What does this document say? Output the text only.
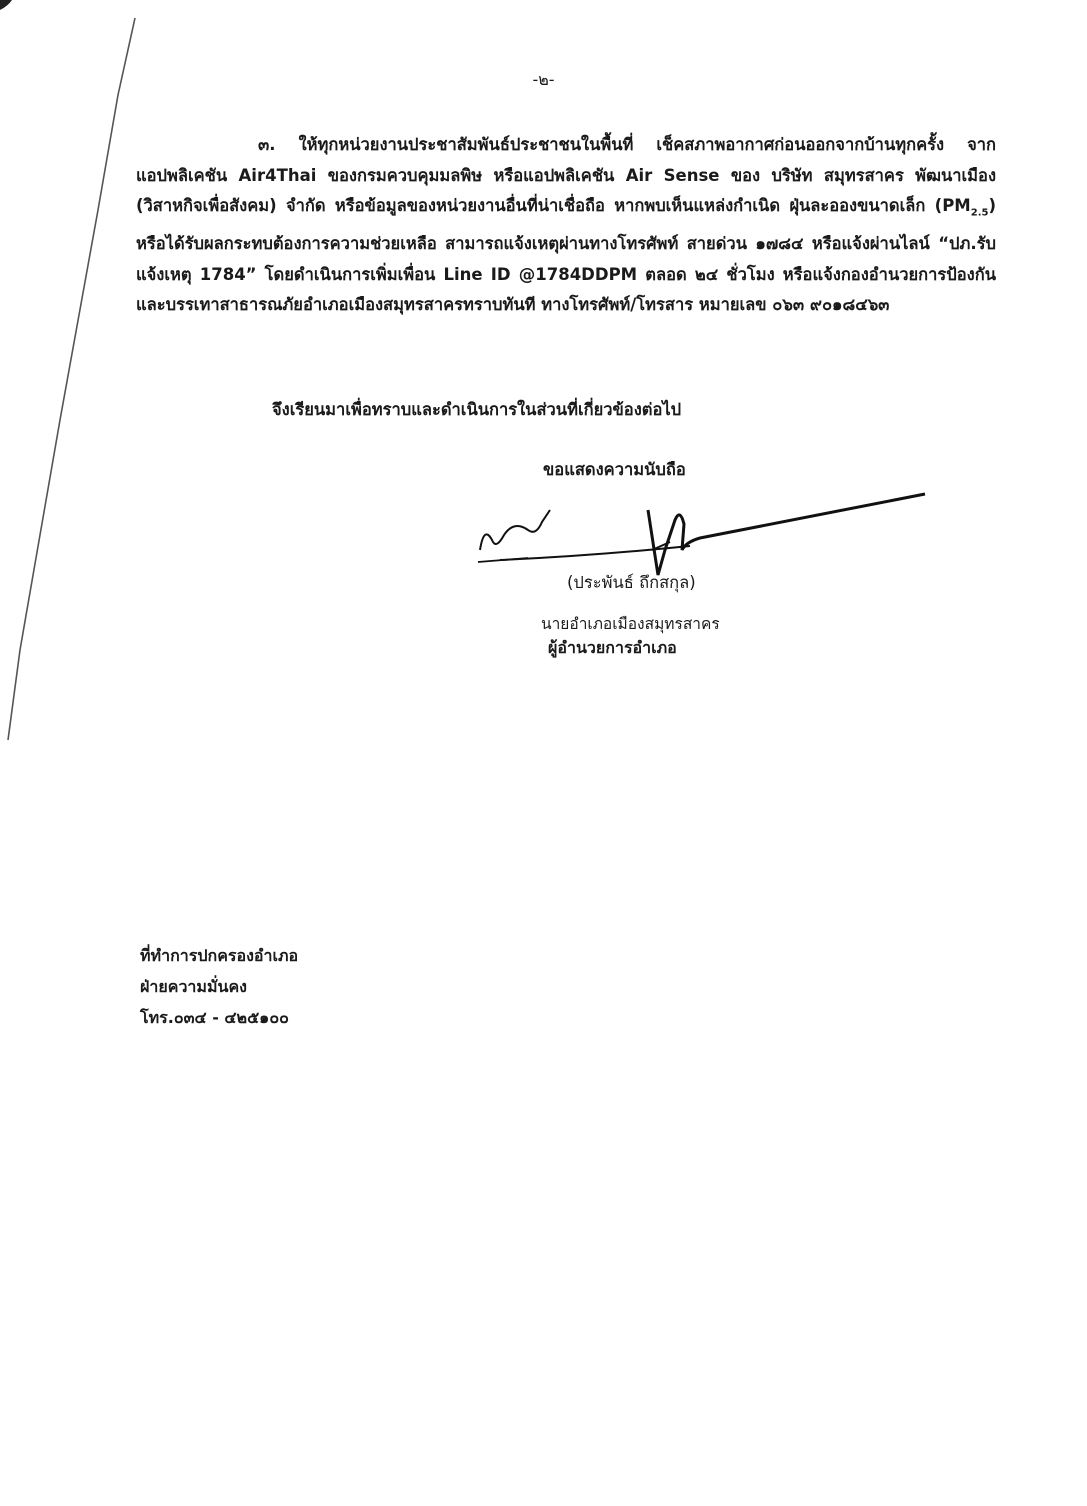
-๒-

๓. ให้ทุกหน่วยงานประชาสัมพันธ์ประชาชนในพื้นที่ เช็คสภาพอากาศก่อนออกจากบ้านทุกครั้ง จากแอปพลิเคชัน Air4Thai ของกรมควบคุมมลพิษ หรือแอปพลิเคชัน Air Sense ของ บริษัท สมุทรสาคร พัฒนาเมือง (วิสาหกิจเพื่อสังคม) จำกัด หรือข้อมูลของหน่วยงานอื่นที่น่าเชื่อถือ หากพบเห็นแหล่งกำเนิด ฝุ่นละอองขนาดเล็ก $(PM_{2.5})$ หรือได้รับผลกระทบต้องการความช่วยเหลือ สามารถแจ้งเหตุผ่านทางโทรศัพท์ สายด่วน ๑๗๘๔ หรือแจ้งผ่านไลน์ “ปภ.รับแจ้งเหตุ 1784” โดยดำเนินการเพิ่มเพื่อน Line ID @1784DDPM ตลอด ๒๔ ชั่วโมง หรือแจ้งกองอำนวยการป้องกันและบรรเทาสาธารณภัยอำเภอเมืองสมุทรสาครทราบทันที ทางโทรศัพท์/โทรสาร หมายเลข ๐๖๓ ๙๐๑๘๔๖๓

จึงเรียนมาเพื่อทราบและดำเนินการในส่วนที่เกี่ยวข้องต่อไป
ขอแสดงความนับถือ
(ประพันธ์ ถึกสกุล)
นายอำเภอเมืองสมุทรสาคร
ผู้อำนวยการอำเภอ
ที่ทำการปกครองอำเภอ
ฝ่ายความมั่นคง
โทร.๐๓๔ - ๔๒๕๑๐๐
